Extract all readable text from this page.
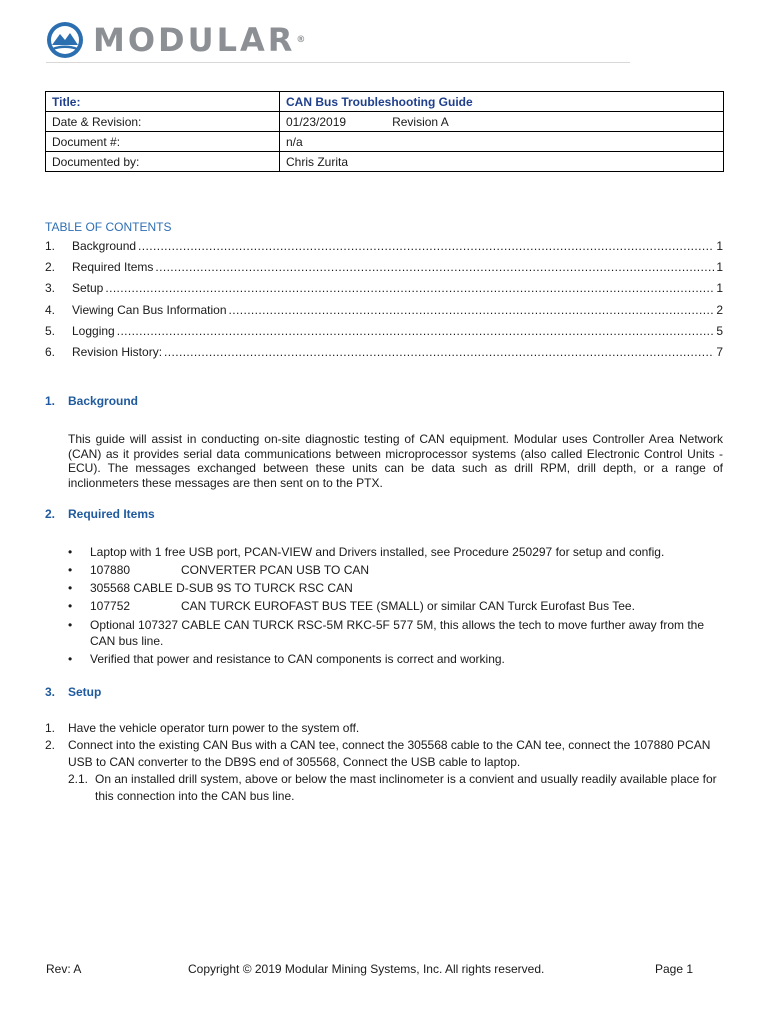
MODULAR®
Title:	CAN Bus Troubleshooting Guide
Date & Revision:	01/23/2019 Revision A
Document #:	n/a
Documented by:	Chris Zurita
TABLE OF CONTENTS
1.	Background .....	1
2.	Required Items .....	1
3.	Setup .....	1
4.	Viewing Can Bus Information .....	2
5.	Logging .....	5
6.	Revision History: .....	7
1. Background
This guide will assist in conducting on-site diagnostic testing of CAN equipment. Modular uses Controller Area Network (CAN) as it provides serial data communications between microprocessor systems (also called Electronic Control Units - ECU). The messages exchanged between these units can be data such as drill RPM, drill depth, or a range of inclionmeters these messages are then sent on to the PTX.
2. Required Items
• Laptop with 1 free USB port, PCAN-VIEW and Drivers installed, see Procedure 250297 for setup and config.
• 107880	CONVERTER PCAN USB TO CAN
• 305568 CABLE D-SUB 9S TO TURCK RSC CAN
• 107752	CAN TURCK EUROFAST BUS TEE (SMALL) or similar CAN Turck Eurofast Bus Tee.
• Optional 107327 CABLE CAN TURCK RSC-5M RKC-5F 577 5M, this allows the tech to move further away from the CAN bus line.
• Verified that power and resistance to CAN components is correct and working.
3. Setup
1.	Have the vehicle operator turn power to the system off.
2.	Connect into the existing CAN Bus with a CAN tee, connect the 305568 cable to the CAN tee, connect the 107880 PCAN USB to CAN converter to the DB9S end of 305568, Connect the USB cable to laptop.
2.1. On an installed drill system, above or below the mast inclinometer is a convient and usually readily available place for this connection into the CAN bus line.
Rev: A	Copyright © 2019 Modular Mining Systems, Inc. All rights reserved.	Page 1
